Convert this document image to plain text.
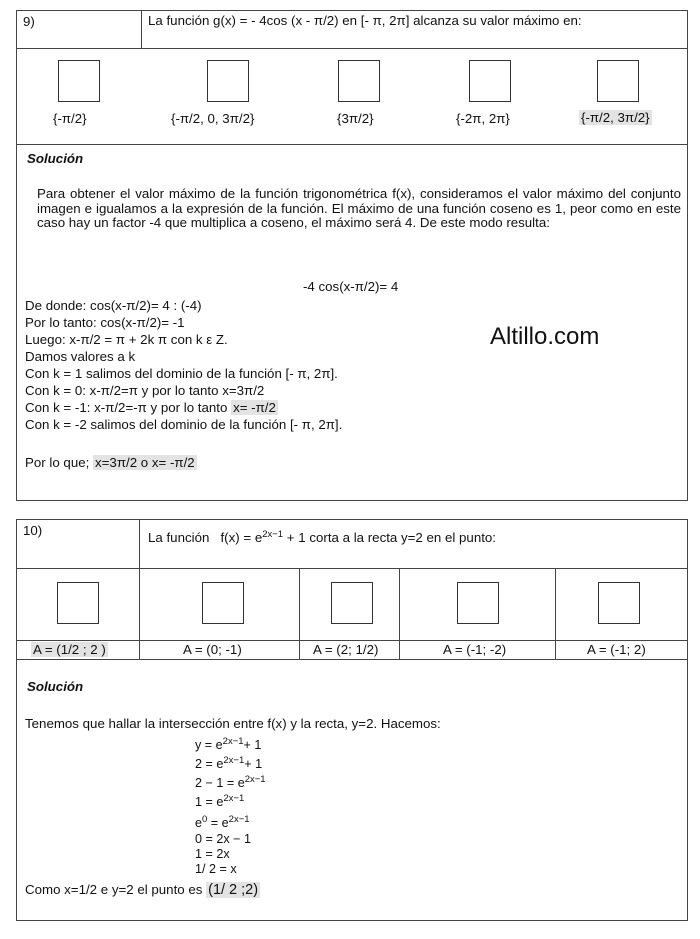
9)	La función g(x) = - 4cos (x - π/2) en [- π, 2π] alcanza su valor máximo en:
{-π/2}	{-π/2, 0, 3π/2}	{3π/2}	{-2π, 2π}	{-π/2, 3π/2}
Solución
Para obtener el valor máximo de la función trigonométrica f(x), consideramos el valor máximo del conjunto imagen e igualamos a la expresión de la función. El máximo de una función coseno es 1, peor como en este caso hay un factor -4 que multiplica a coseno, el máximo será 4. De este modo resulta:
-4 cos(x-π/2)= 4
De donde: cos(x-π/2)= 4 : (-4)
Por lo tanto: cos(x-π/2)= -1
Luego: x-π/2 = π + 2k π con k ε Z.
Damos valores a k
Con k = 1 salimos del dominio de la función [- π, 2π].
Con k = 0: x-π/2=π y por lo tanto x=3π/2
Con k = -1: x-π/2=-π y por lo tanto x= -π/2
Con k = -2 salimos del dominio de la función [- π, 2π].
Por lo que; x=3π/2 o x= -π/2
Altillo.com
10)	La función $f(x) = e^{2x-1} + 1$ corta a la recta y=2 en el punto:
A = (1/2 ; 2 )	A = (0; -1)	A = (2; 1/2)	A = (-1; -2)	A = (-1; 2)
Solución
Tenemos que hallar la intersección entre f(x) y la recta, y=2. Hacemos:
$y = e^{2x-1}+ 1$
$2 = e^{2x-1}+ 1$
$2 - 1 = e^{2x-1}$
$1 = e^{2x-1}$
$e^0 = e^{2x-1}$
0 = 2x − 1
1 = 2x
1/ 2 = x
Como x=1/2 e y=2 el punto es (1/ 2 ;2)
